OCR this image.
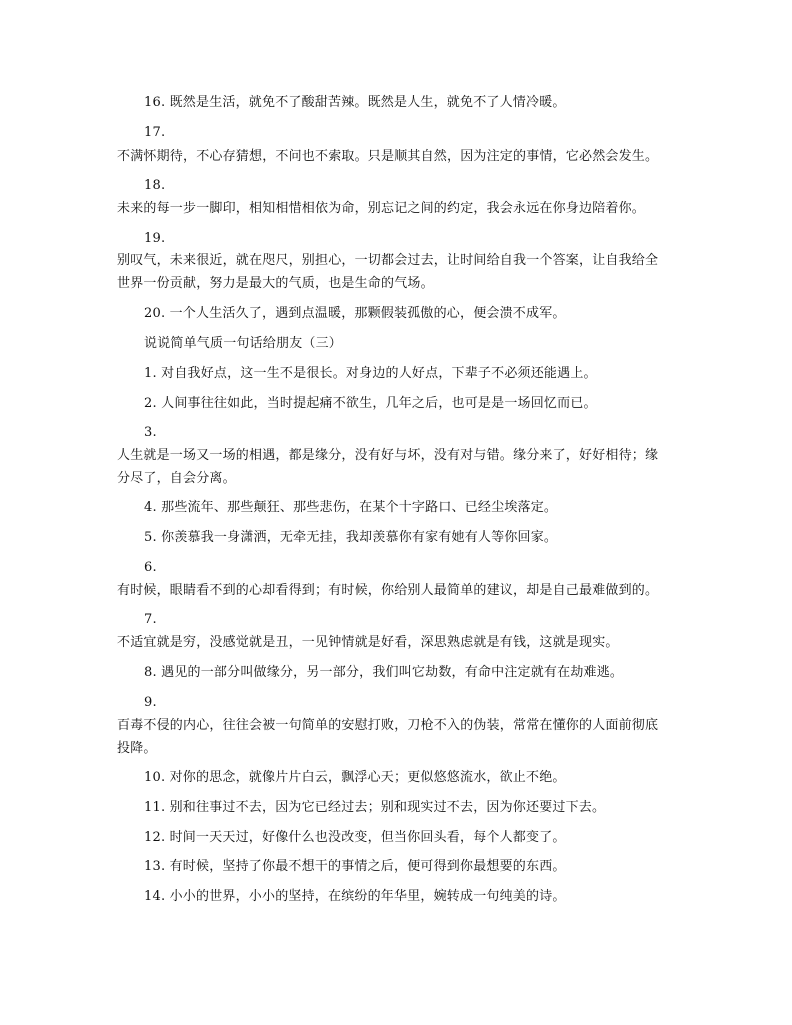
16. 既然是生活，就免不了酸甜苦辣。既然是人生，就免不了人情冷暖。
17.
不满怀期待，不心存猜想，不问也不索取。只是顺其自然，因为注定的事情，它必然会发生。
18.
未来的每一步一脚印，相知相惜相依为命，别忘记之间的约定，我会永远在你身边陪着你。
19.
别叹气，未来很近，就在咫尺，别担心，一切都会过去，让时间给自我一个答案，让自我给全
世界一份贡献，努力是最大的气质，也是生命的气场。
20. 一个人生活久了，遇到点温暖，那颗假装孤傲的心，便会溃不成军。
说说简单气质一句话给朋友（三）
1. 对自我好点，这一生不是很长。对身边的人好点，下辈子不必须还能遇上。
2. 人间事往往如此，当时提起痛不欲生，几年之后，也可是是一场回忆而已。
3.
人生就是一场又一场的相遇，都是缘分，没有好与坏，没有对与错。缘分来了，好好相待；缘
分尽了，自会分离。
4. 那些流年、那些颠狂、那些悲伤，在某个十字路口、已经尘埃落定。
5. 你羡慕我一身潇洒，无牵无挂，我却羡慕你有家有她有人等你回家。
6.
有时候，眼睛看不到的心却看得到；有时候，你给别人最简单的建议，却是自己最难做到的。
7.
不适宜就是穷，没感觉就是丑，一见钟情就是好看，深思熟虑就是有钱，这就是现实。
8. 遇见的一部分叫做缘分，另一部分，我们叫它劫数，有命中注定就有在劫难逃。
9.
百毒不侵的内心，往往会被一句简单的安慰打败，刀枪不入的伪装，常常在懂你的人面前彻底
投降。
10. 对你的思念，就像片片白云，飘浮心天；更似悠悠流水，欲止不绝。
11. 别和往事过不去，因为它已经过去；别和现实过不去，因为你还要过下去。
12. 时间一天天过，好像什么也没改变，但当你回头看，每个人都变了。
13. 有时候，坚持了你最不想干的事情之后，便可得到你最想要的东西。
14. 小小的世界，小小的坚持，在缤纷的年华里，婉转成一句纯美的诗。
